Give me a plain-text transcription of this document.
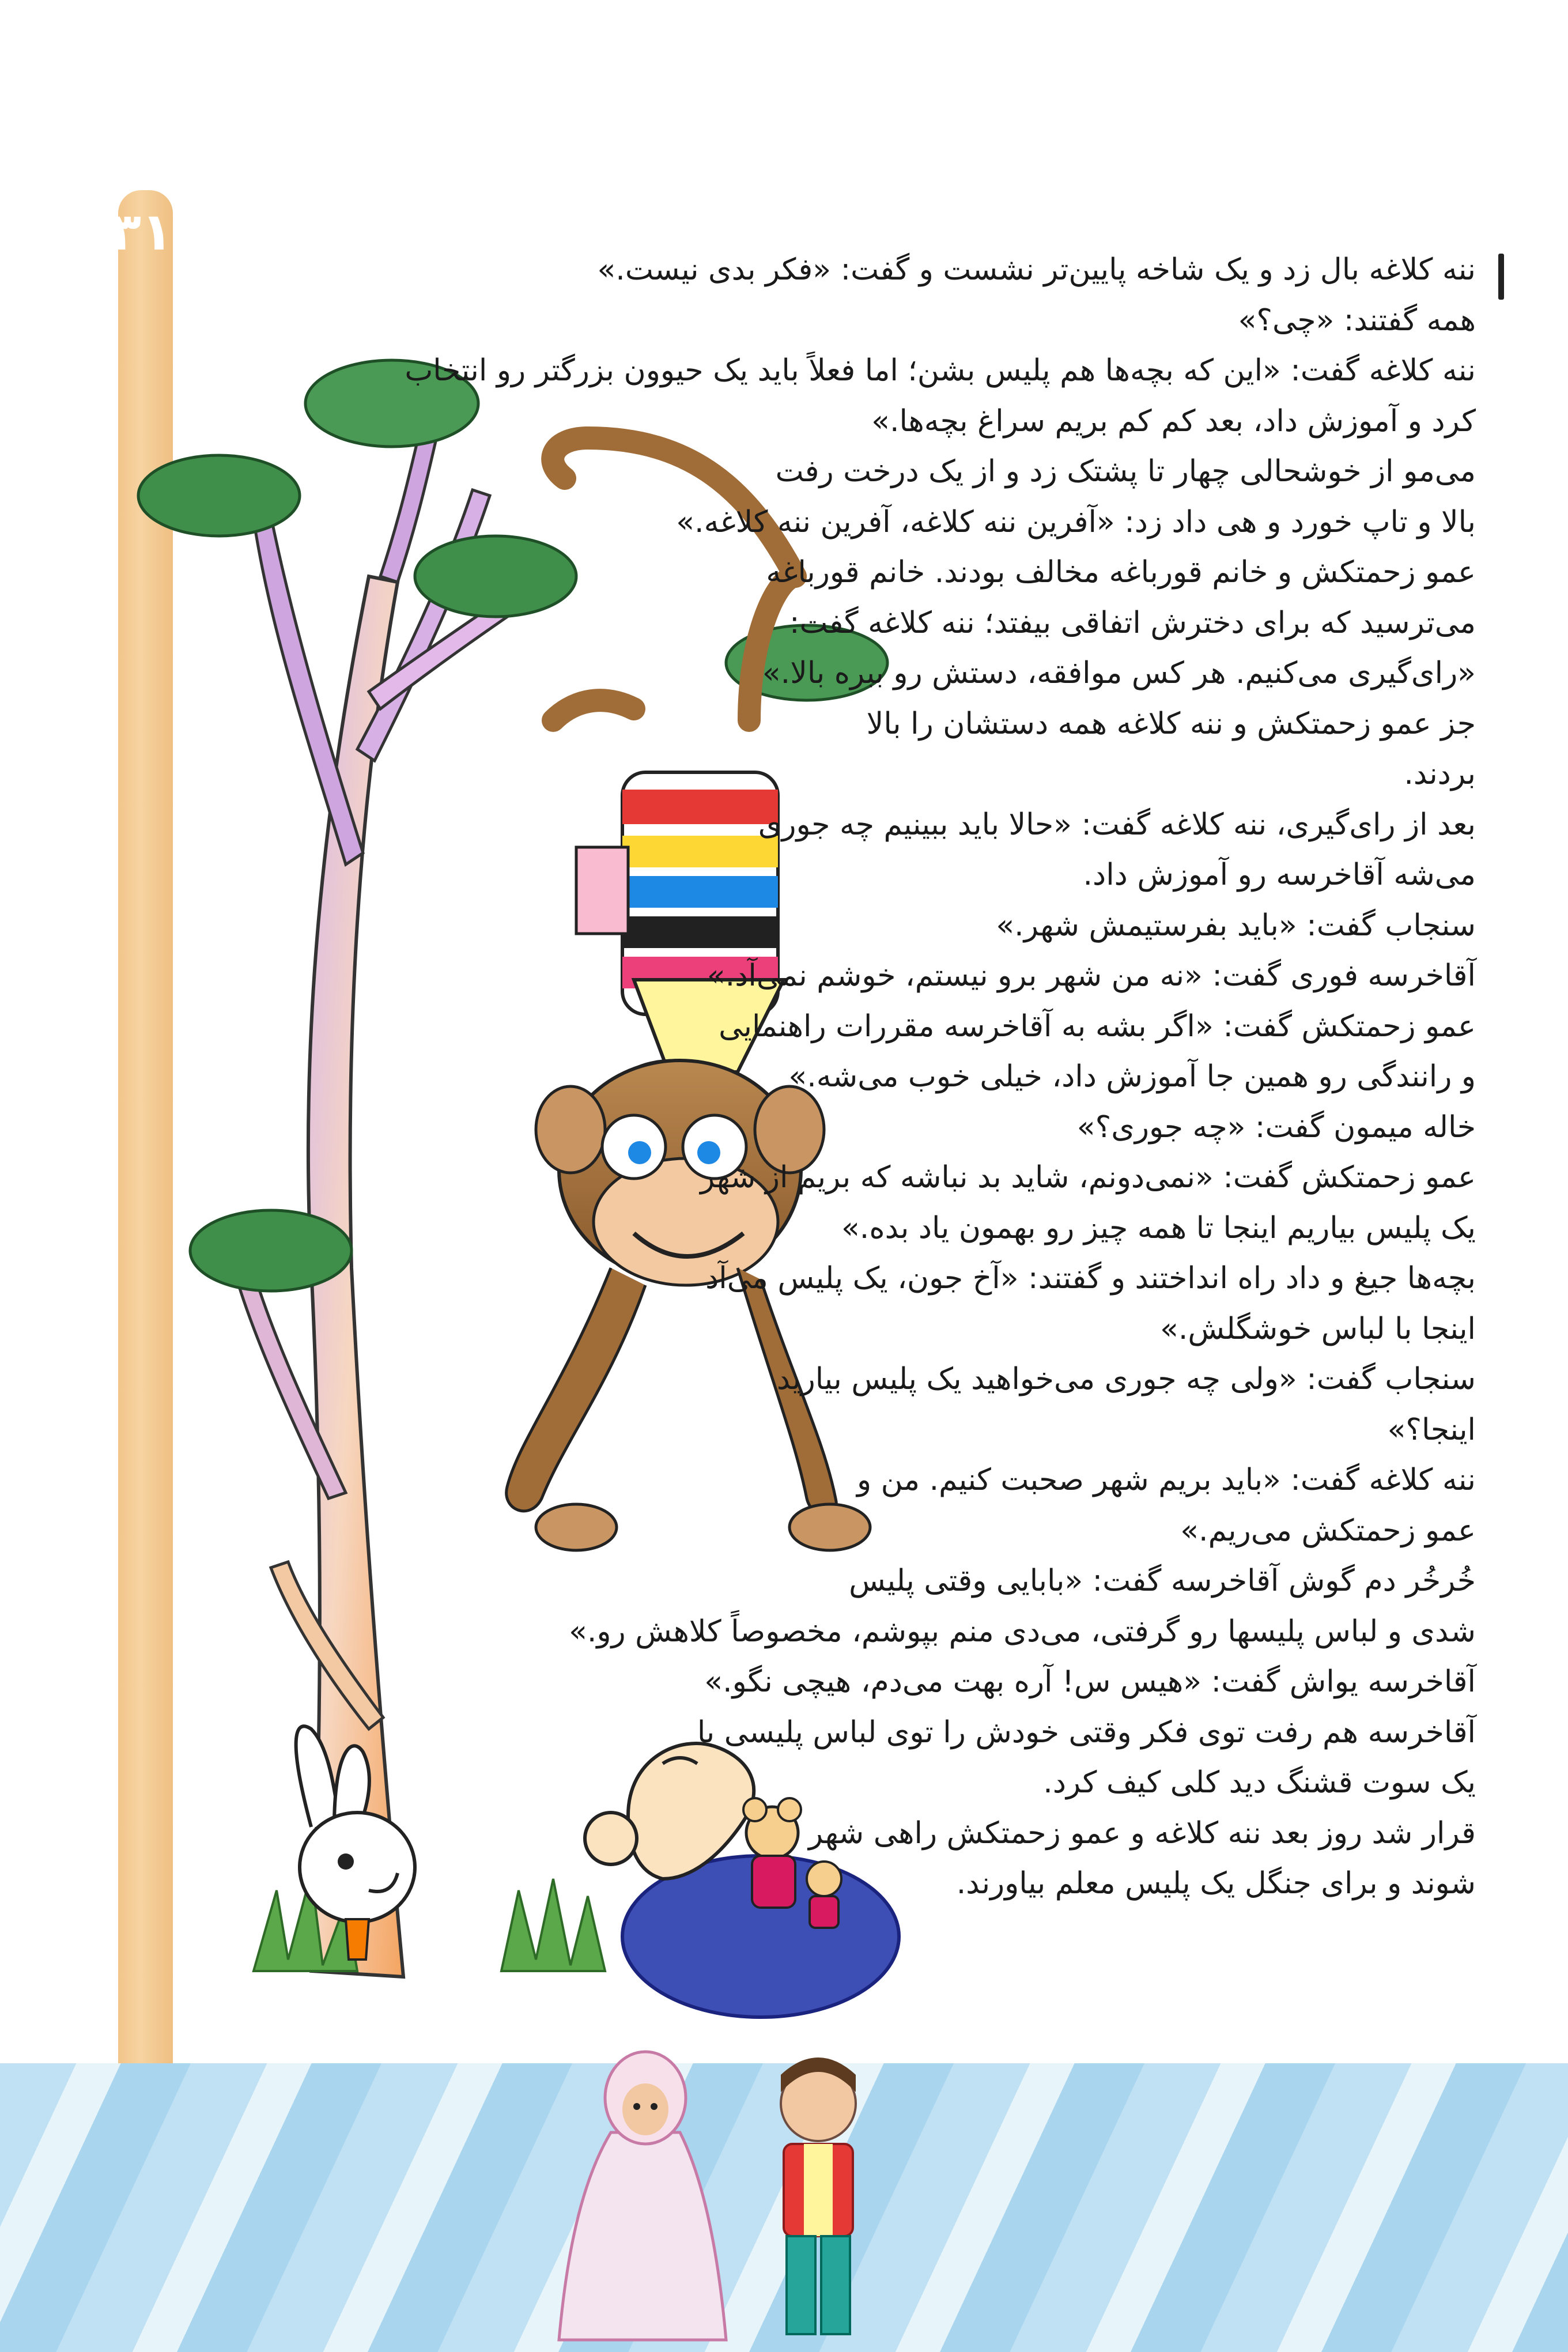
۳۱

ننه کلاغه بال زد و یک شاخه پایین‌تر نشست و گفت: «فکر بدی نیست.»

همه گفتند: «چی؟»

ننه کلاغه گفت: «این که بچه‌ها هم پلیس بشن؛ اما فعلاً باید یک حیوون بزرگتر رو انتخاب

کرد و آموزش داد، بعد کم کم بریم سراغ بچه‌ها.»

می‌مو از خوشحالی چهار تا پشتک زد و از یک درخت رفت

بالا و تاپ خورد و هی داد زد: «آفرین ننه کلاغه، آفرین ننه کلاغه.»

عمو زحمتکش و خانم قورباغه مخالف بودند. خانم قورباغه

می‌ترسید که برای دخترش اتفاقی بیفتد؛ ننه کلاغه گفت:

«رای‌گیری می‌کنیم. هر کس موافقه، دستش رو ببره بالا.»

جز عمو زحمتکش و ننه کلاغه همه دستشان را بالا

بردند.

بعد از رای‌گیری، ننه کلاغه گفت: «حالا باید ببینیم چه جوری

می‌شه آقاخرسه رو آموزش داد.

سنجاب گفت: «باید بفرستیمش شهر.»

آقاخرسه فوری گفت: «نه من شهر برو نیستم، خوشم نمی‌آد.»

عمو زحمتکش گفت: «اگر بشه به آقاخرسه مقررات راهنمایی

و رانندگی رو همین جا آموزش داد، خیلی خوب می‌شه.»

خاله میمون گفت: «چه جوری؟»

عمو زحمتکش گفت: «نمی‌دونم، شاید بد نباشه که بریم از شهر

یک پلیس بیاریم اینجا تا همه چیز رو بهمون یاد بده.»

بچه‌ها جیغ و داد راه انداختند و گفتند: «آخ جون، یک پلیس می‌آد

اینجا با لباس خوشگلش.»

سنجاب گفت: «ولی چه جوری می‌خواهید یک پلیس بیارید

اینجا؟»

ننه کلاغه گفت: «باید بریم شهر صحبت کنیم. من و

عمو زحمتکش می‌ریم.»

خُرخُر دم گوش آقاخرسه گفت: «بابایی وقتی پلیس

شدی و لباس پلیسها رو گرفتی، می‌دی منم بپوشم، مخصوصاً کلاهش رو.»

آقاخرسه یواش گفت: «هیس س! آره بهت می‌دم، هیچی نگو.»

آقاخرسه هم رفت توی فکر وقتی خودش را توی لباس پلیسی با

یک سوت قشنگ دید کلی کیف کرد.

قرار شد روز بعد ننه کلاغه و عمو زحمتکش راهی شهر

شوند و برای جنگل یک پلیس معلم بیاورند.
